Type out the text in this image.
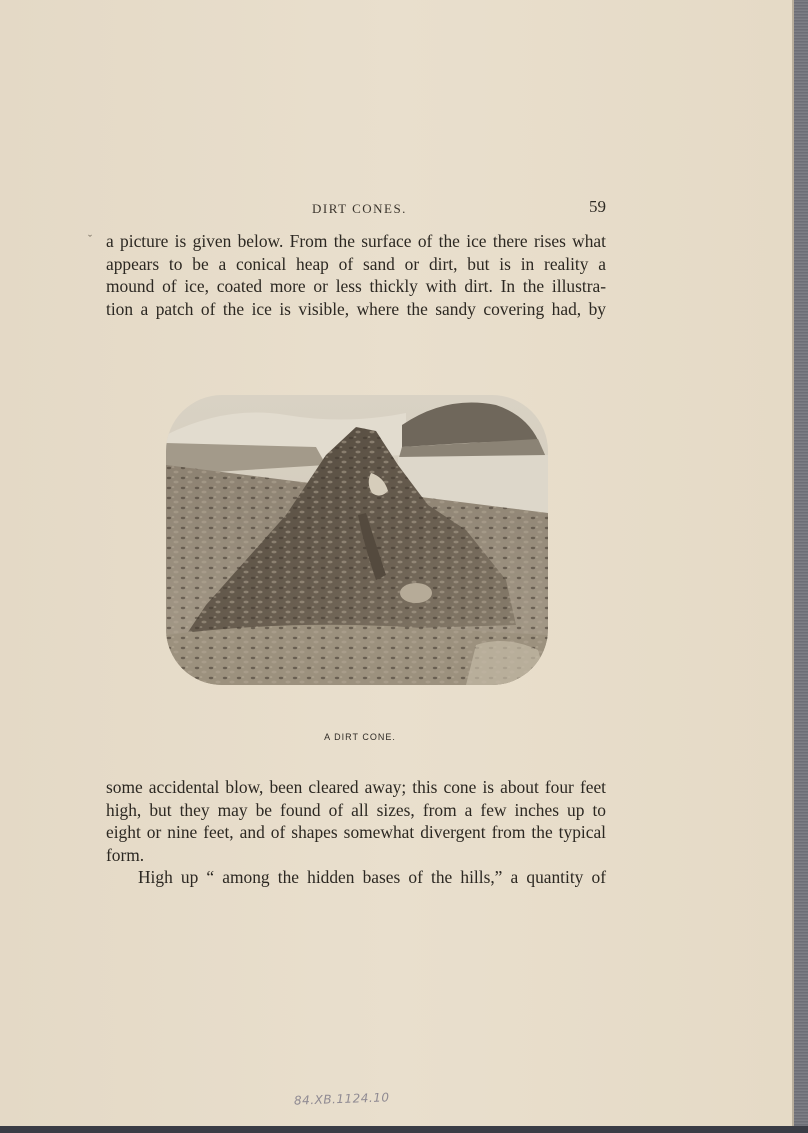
DIRT CONES.	59
ˇ a picture is given below. From the surface of the ice there rises what
appears to be a conical heap of sand or dirt, but is in reality a
mound of ice, coated more or less thickly with dirt. In the illustra-
tion a patch of the ice is visible, where the sandy covering had, by
A DIRT CONE.
some accidental blow, been cleared away; this cone is about four feet
high, but they may be found of all sizes, from a few inches up to
eight or nine feet, and of shapes somewhat divergent from the typical
form.
High up “ among the hidden bases of the hills,” a quantity of
84.XB.1124.10
